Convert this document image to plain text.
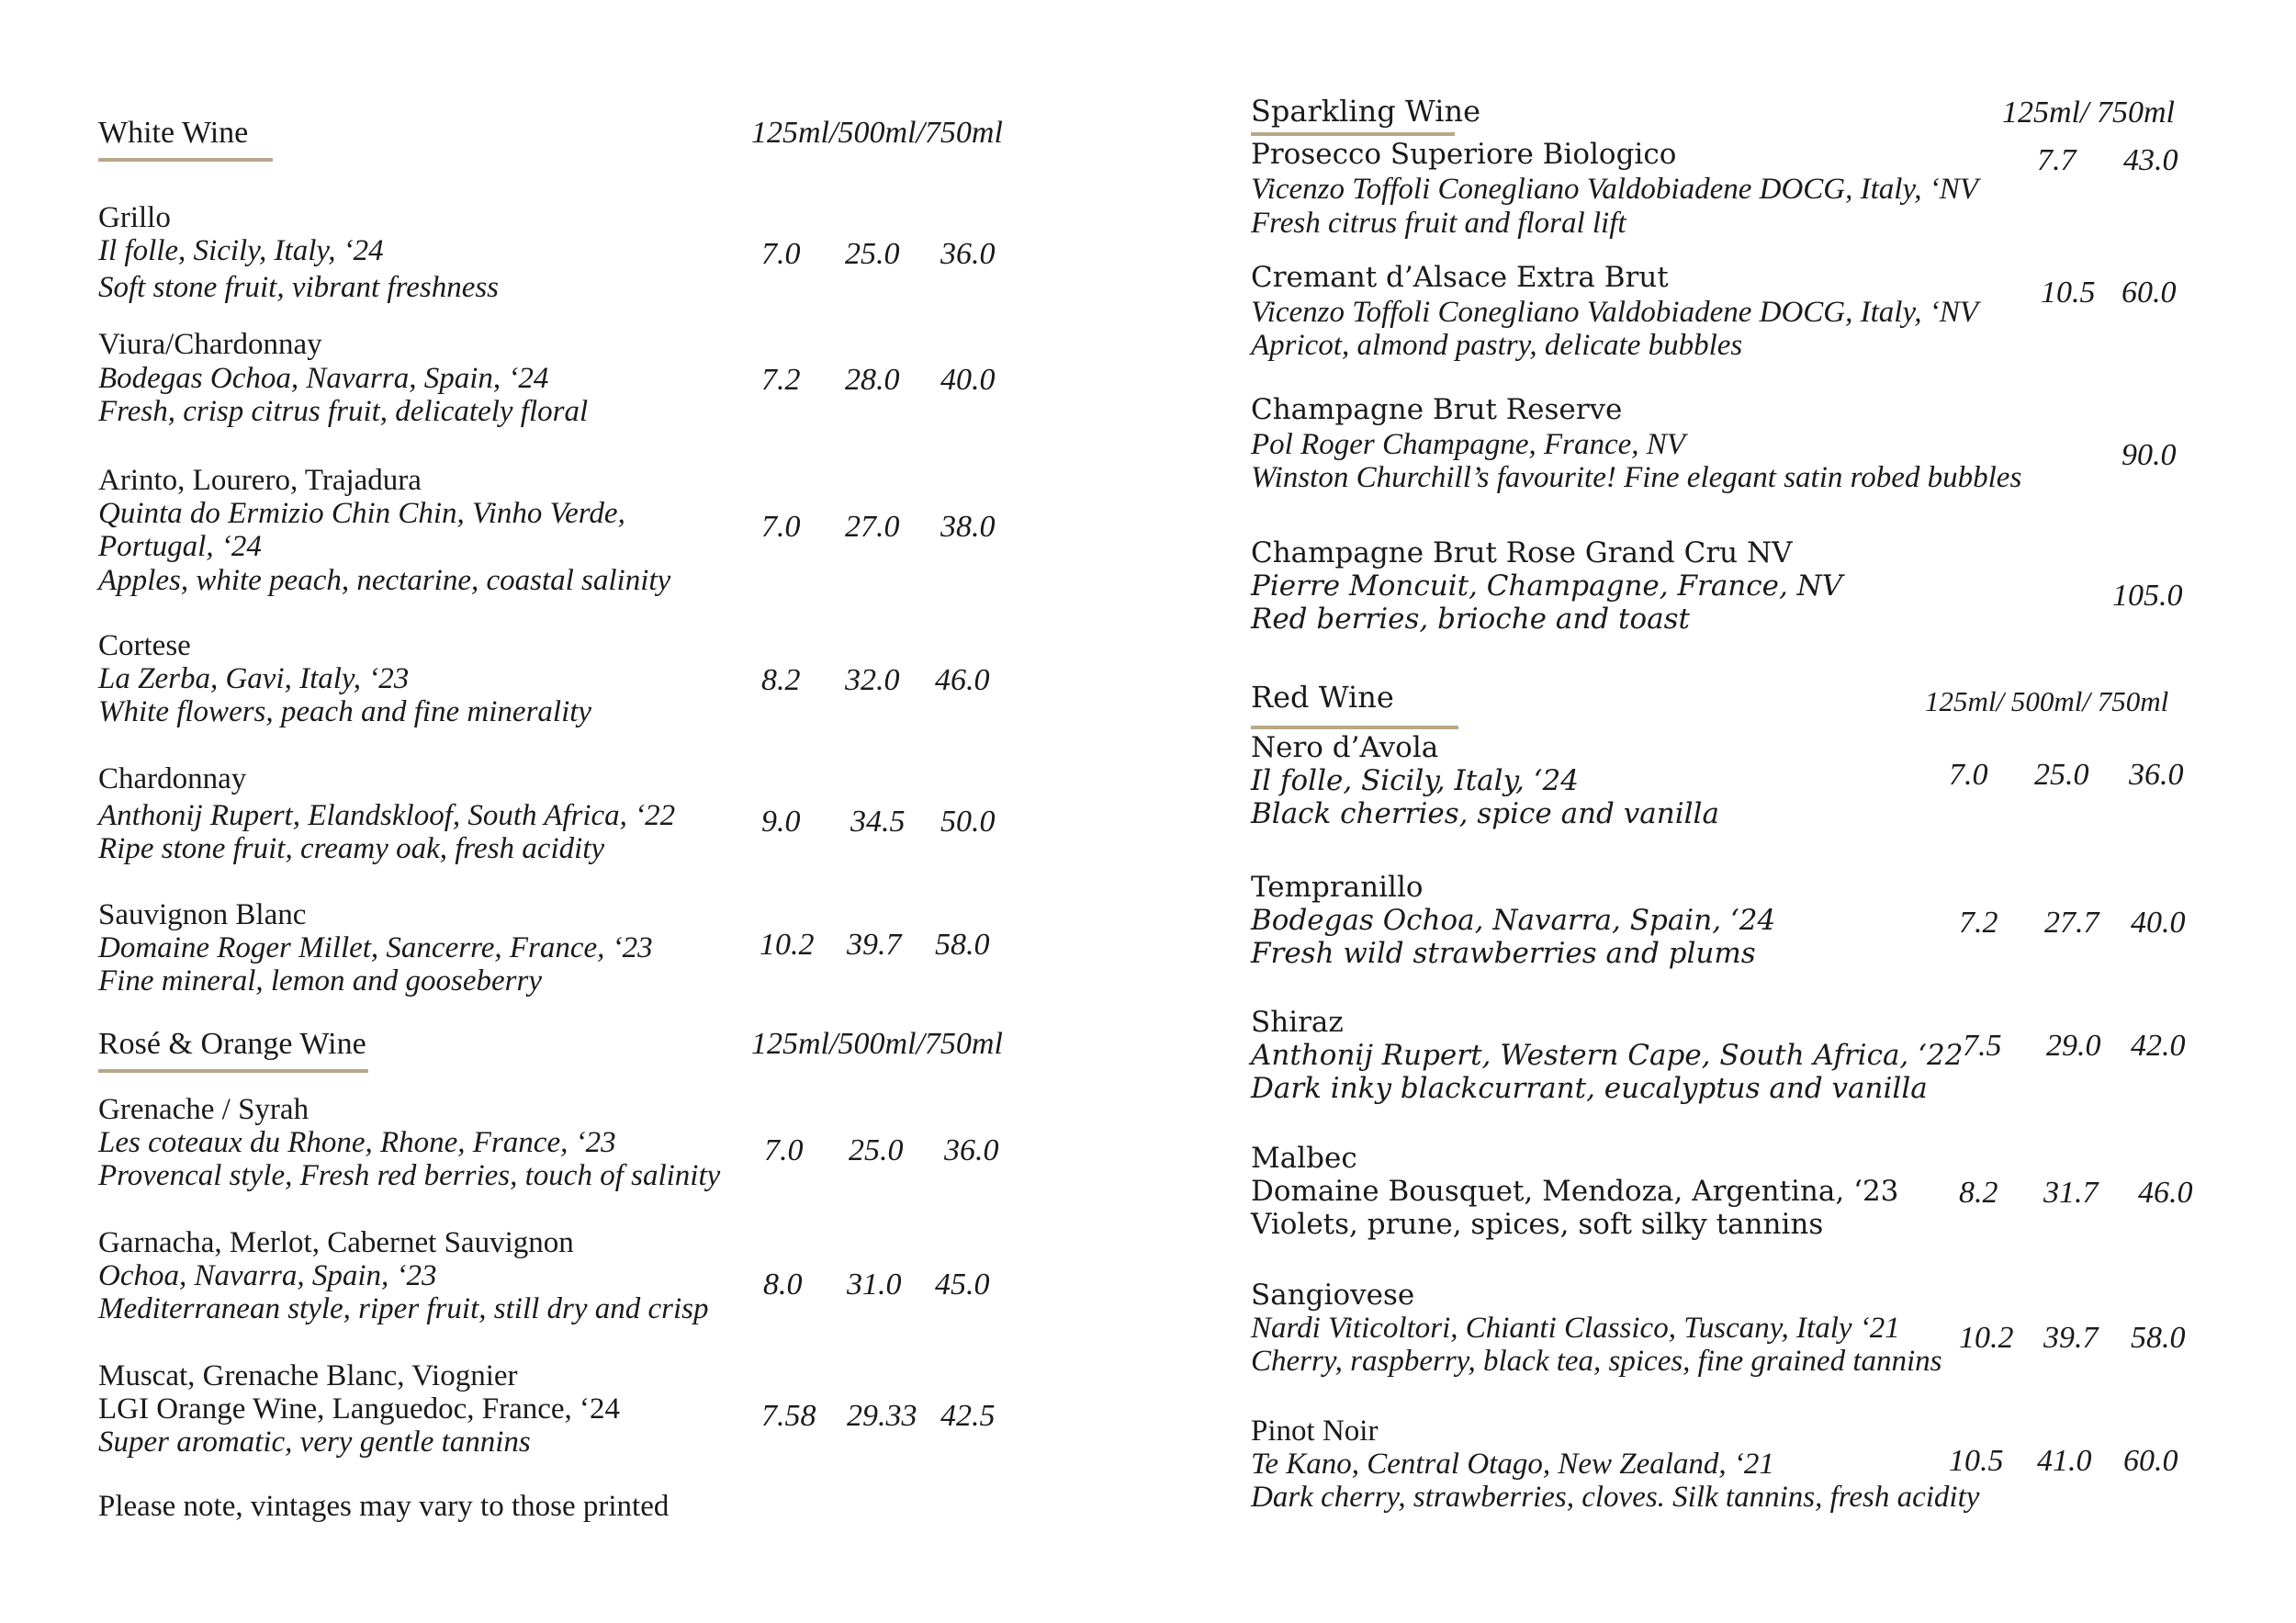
White Wine	125ml/500ml/750ml
Grillo
Il folle, Sicily, Italy, ‘24
Soft stone fruit, vibrant freshness
7.0 25.0 36.0
Viura/Chardonnay
Bodegas Ochoa, Navarra, Spain, ‘24
Fresh, crisp citrus fruit, delicately floral
7.2 28.0 40.0
Arinto, Lourero, Trajadura
Quinta do Ermizio Chin Chin, Vinho Verde,
Portugal, ‘24
Apples, white peach, nectarine, coastal salinity
7.0 27.0 38.0
Cortese
La Zerba, Gavi, Italy, ‘23
White flowers, peach and fine minerality
8.2 32.0 46.0
Chardonnay
Anthonij Rupert, Elandskloof, South Africa, ‘22
Ripe stone fruit, creamy oak, fresh acidity
9.0 34.5 50.0
Sauvignon Blanc
Domaine Roger Millet, Sancerre, France, ‘23
Fine mineral, lemon and gooseberry
10.2 39.7 58.0
Rosé & Orange Wine	125ml/500ml/750ml
Grenache / Syrah
Les coteaux du Rhone, Rhone, France, ‘23
Provencal style, Fresh red berries, touch of salinity
7.0 25.0 36.0
Garnacha, Merlot, Cabernet Sauvignon
Ochoa, Navarra, Spain, ‘23
Mediterranean style, riper fruit, still dry and crisp
8.0 31.0 45.0
Muscat, Grenache Blanc, Viognier
LGI Orange Wine, Languedoc, France, ‘24
Super aromatic, very gentle tannins
7.58 29.33 42.5
Please note, vintages may vary to those printed
Sparkling Wine	125ml/ 750ml
Prosecco Superiore Biologico
Vicenzo Toffoli Conegliano Valdobiadene DOCG, Italy, ‘NV
Fresh citrus fruit and floral lift
7.7 43.0
Cremant d’Alsace Extra Brut
Vicenzo Toffoli Conegliano Valdobiadene DOCG, Italy, ‘NV
Apricot, almond pastry, delicate bubbles
10.5 60.0
Champagne Brut Reserve
Pol Roger Champagne, France, NV
Winston Churchill’s favourite! Fine elegant satin robed bubbles
90.0
Champagne Brut Rose Grand Cru NV
Pierre Moncuit, Champagne, France, NV
Red berries, brioche and toast
105.0
Red Wine	125ml/ 500ml/ 750ml
Nero d’Avola
Il folle, Sicily, Italy, ‘24
Black cherries, spice and vanilla
7.0 25.0 36.0
Tempranillo
Bodegas Ochoa, Navarra, Spain, ‘24
Fresh wild strawberries and plums
7.2 27.7 40.0
Shiraz
Anthonij Rupert, Western Cape, South Africa, ‘22
Dark inky blackcurrant, eucalyptus and vanilla
7.5 29.0 42.0
Malbec
Domaine Bousquet, Mendoza, Argentina, ‘23
Violets, prune, spices, soft silky tannins
8.2 31.7 46.0
Sangiovese
Nardi Viticoltori, Chianti Classico, Tuscany, Italy ‘21
Cherry, raspberry, black tea, spices, fine grained tannins
10.2 39.7 58.0
Pinot Noir
Te Kano, Central Otago, New Zealand, ‘21
Dark cherry, strawberries, cloves. Silk tannins, fresh acidity
10.5 41.0 60.0
